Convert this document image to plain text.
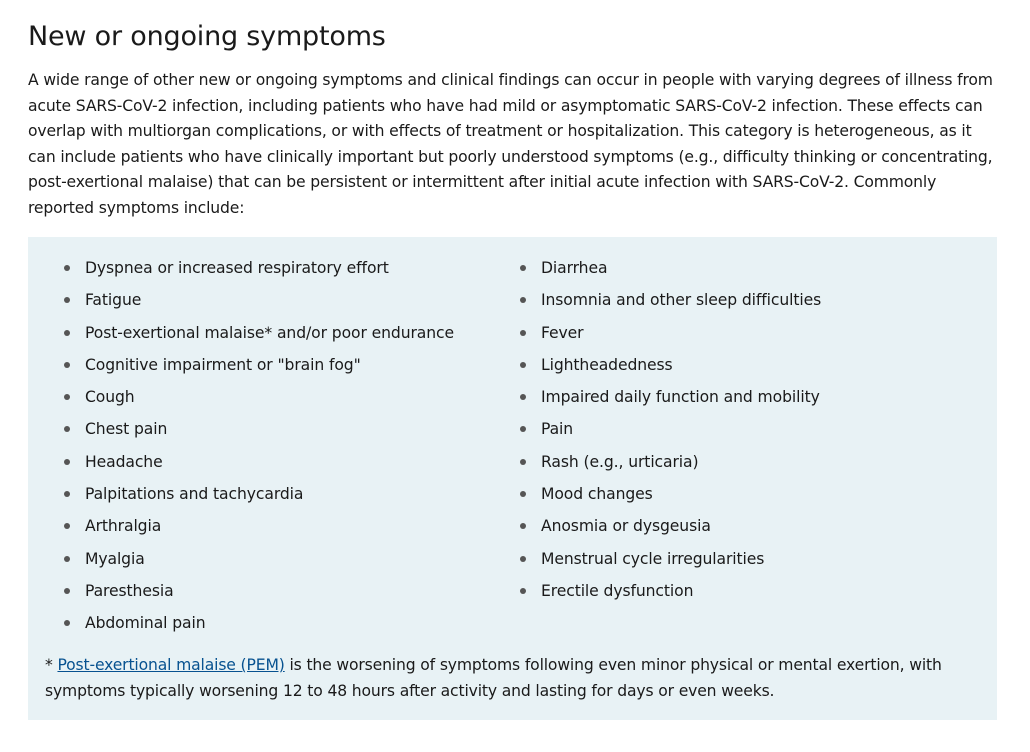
New or ongoing symptoms

A wide range of other new or ongoing symptoms and clinical findings can occur in people with varying degrees of illness from acute SARS-CoV-2 infection, including patients who have had mild or asymptomatic SARS-CoV-2 infection. These effects can overlap with multiorgan complications, or with effects of treatment or hospitalization. This category is heterogeneous, as it can include patients who have clinically important but poorly understood symptoms (e.g., difficulty thinking or concentrating, post-exertional malaise) that can be persistent or intermittent after initial acute infection with SARS-CoV-2. Commonly reported symptoms include:

Dyspnea or increased respiratory effort
Fatigue
Post-exertional malaise* and/or poor endurance
Cognitive impairment or "brain fog"
Cough
Chest pain
Headache
Palpitations and tachycardia
Arthralgia
Myalgia
Paresthesia
Abdominal pain
Diarrhea
Insomnia and other sleep difficulties
Fever
Lightheadedness
Impaired daily function and mobility
Pain
Rash (e.g., urticaria)
Mood changes
Anosmia or dysgeusia
Menstrual cycle irregularities
Erectile dysfunction

* Post-exertional malaise (PEM) is the worsening of symptoms following even minor physical or mental exertion, with symptoms typically worsening 12 to 48 hours after activity and lasting for days or even weeks.
